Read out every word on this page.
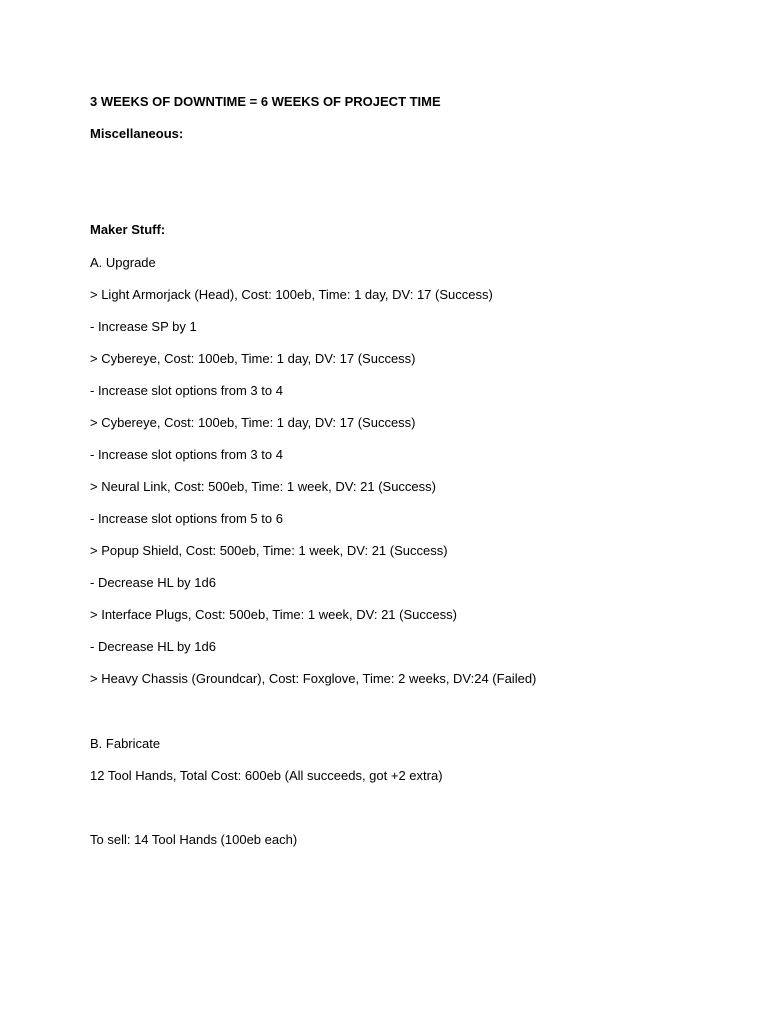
3 WEEKS OF DOWNTIME = 6 WEEKS OF PROJECT TIME
Miscellaneous:
Maker Stuff:
A. Upgrade
> Light Armorjack (Head), Cost: 100eb, Time: 1 day, DV: 17 (Success)
- Increase SP by 1
> Cybereye, Cost: 100eb, Time: 1 day, DV: 17 (Success)
- Increase slot options from 3 to 4
> Cybereye, Cost: 100eb, Time: 1 day, DV: 17 (Success)
- Increase slot options from 3 to 4
> Neural Link, Cost: 500eb, Time: 1 week, DV: 21 (Success)
- Increase slot options from 5 to 6
> Popup Shield, Cost: 500eb, Time: 1 week, DV: 21 (Success)
- Decrease HL by 1d6
> Interface Plugs, Cost: 500eb, Time: 1 week, DV: 21 (Success)
- Decrease HL by 1d6
> Heavy Chassis (Groundcar), Cost: Foxglove, Time: 2 weeks, DV:24 (Failed)
B. Fabricate
12 Tool Hands, Total Cost: 600eb (All succeeds, got +2 extra)
To sell: 14 Tool Hands (100eb each)
